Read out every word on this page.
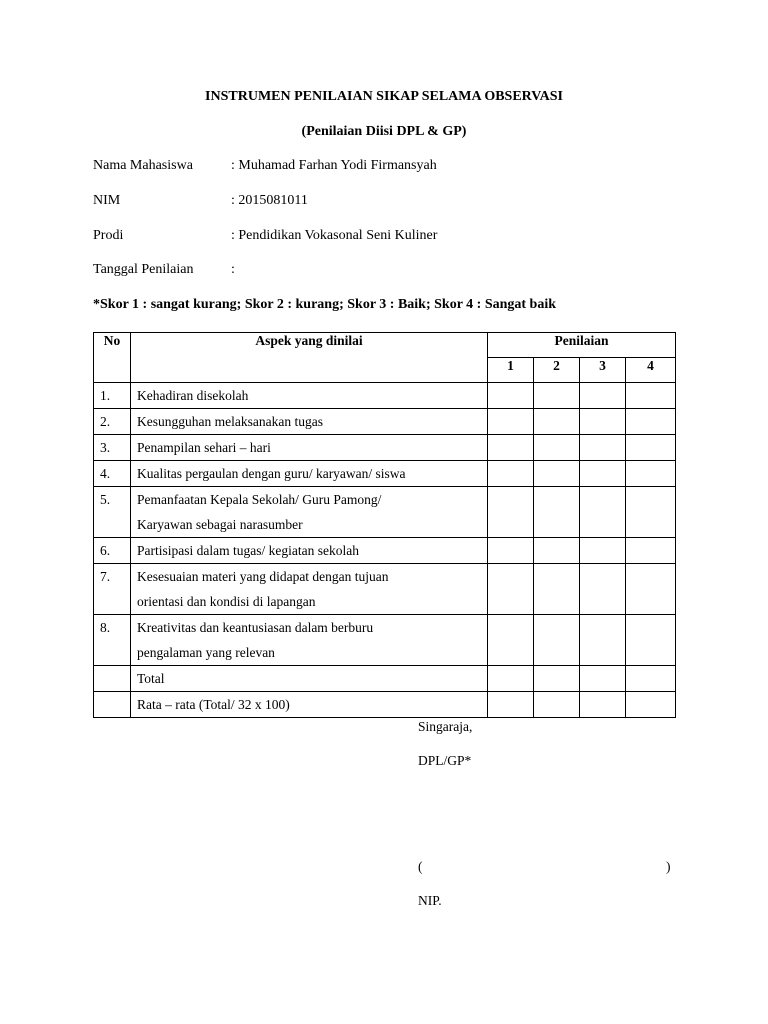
INSTRUMEN PENILAIAN SIKAP SELAMA OBSERVASI
(Penilaian Diisi DPL & GP)
Nama Mahasiswa	: Muhamad Farhan Yodi Firmansyah
NIM	: 2015081011
Prodi	: Pendidikan Vokasonal Seni Kuliner
Tanggal Penilaian	:
*Skor 1 : sangat kurang; Skor 2 : kurang; Skor 3 : Baik; Skor 4 : Sangat baik
No	Aspek yang dinilai	Penilaian			
		1	2	3	4
1.	Kehadiran disekolah				
2.	Kesungguhan melaksanakan tugas				
3.	Penampilan sehari – hari				
4.	Kualitas pergaulan dengan guru/ karyawan/ siswa				
5.	Pemanfaatan Kepala Sekolah/ Guru Pamong/
Karyawan sebagai narasumber				

6.	Partisipasi dalam tugas/ kegiatan sekolah				
7.	Kesesuaian materi yang didapat dengan tujuan
orientasi dan kondisi di lapangan				

8.	Kreativitas dan keantusiasan dalam berburu
pengalaman yang relevan				

	Total				
	Rata – rata (Total/ 32 x 100)				
Singaraja,
DPL/GP*
(	)
NIP.
